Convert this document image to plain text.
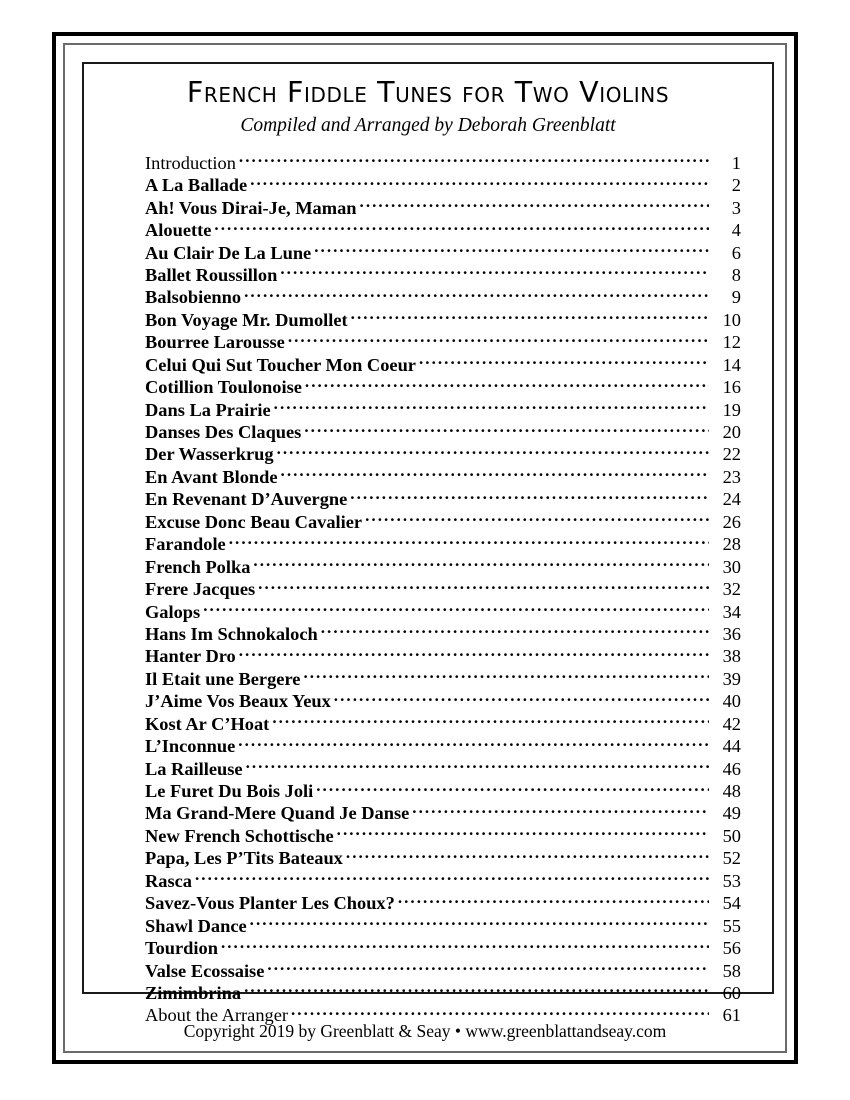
French Fiddle Tunes for Two Violins
Compiled and Arranged by Deborah Greenblatt
Introduction . . .	1
A La Ballade . . .	2
Ah! Vous Dirai-Je, Maman . . .	3
Alouette . . .	4
Au Clair De La Lune . . .	6
Ballet Roussillon . . .	8
Balsobienno . . .	9
Bon Voyage Mr. Dumollet . . .	10
Bourree Larousse . . .	12
Celui Qui Sut Toucher Mon Coeur . . .	14
Cotillion Toulonoise . . .	16
Dans La Prairie . . .	19
Danses Des Claques . . .	20
Der Wasserkrug . . .	22
En Avant Blonde . . .	23
En Revenant D’Auvergne . . .	24
Excuse Donc Beau Cavalier . . .	26
Farandole . . .	28
French Polka . . .	30
Frere Jacques . . .	32
Galops . . .	34
Hans Im Schnokaloch . . .	36
Hanter Dro . . .	38
Il Etait une Bergere . . .	39
J’Aime Vos Beaux Yeux . . .	40
Kost Ar C’Hoat . . .	42
L’Inconnue . . .	44
La Railleuse . . .	46
Le Furet Du Bois Joli . . .	48
Ma Grand-Mere Quand Je Danse . . .	49
New French Schottische . . .	50
Papa, Les P’Tits Bateaux . . .	52
Rasca . . .	53
Savez-Vous Planter Les Choux? . . .	54
Shawl Dance . . .	55
Tourdion . . .	56
Valse Ecossaise . . .	58
Zimimbrina . . .	60
About the Arranger . . .	61
Copyright 2019 by Greenblatt & Seay • www.greenblattandseay.com
